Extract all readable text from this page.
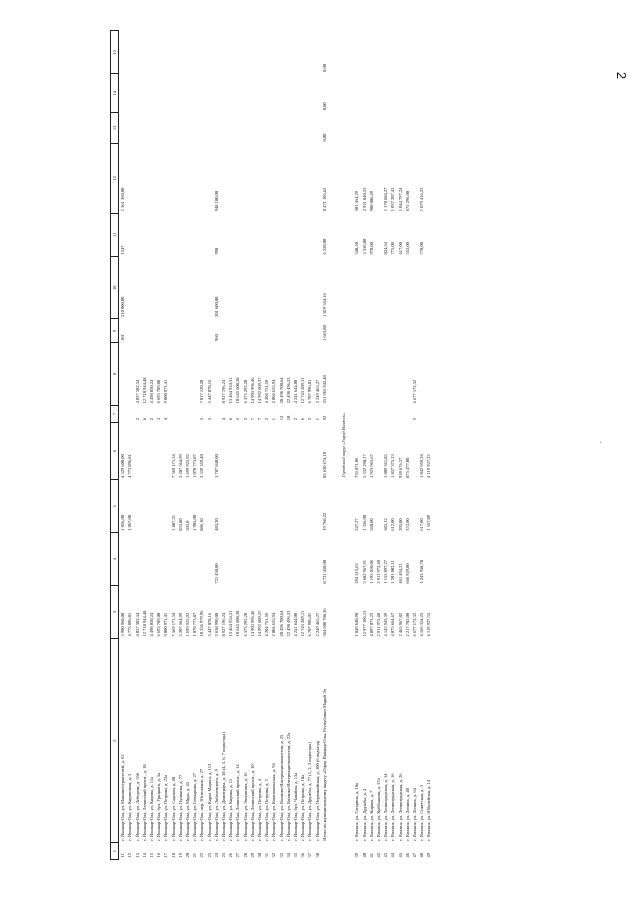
2
'
1	2	3	4	5	6	7	8	9	10	11	12	13	14	15
11	г. Йошкар-Ола, ул. Машиностроителей, д. 63	5 900 960,00		1 056,00	4 329 600,00			101	210 000,00	1547	1 361 360,00			
12	г. Йошкар-Ола, ул. Кирпичная, д. 3	4 773 896,81		1 067,00	4 773 896,81									
13	г. Йошкар-Ола, ул. Лебедева, д. 55б	4 037 382,34				2	4 037 382,34							
14	г. Йошкар-Ола, Ленинский просп., д. 18	12 718 944,48				6	12 718 944,48							
15	г. Йошкар-Ола, ул. Кирова, д. 11а	4 498 050,24				2	4 498 050,24							
16	г. Йошкар-Ола, бул. Урицкого, д. 5а	6 693 789,00				3	6 693 789,00							
17	г. Йошкар-Ола, ул. Петрова, д. 22а	9 000 971,41				4	9 000 971,41							
18	г. Йошкар-Ола, ул. Садовая, д. 40	7 569 171,34		1 887,21	7 569 171,34									
19	г. Йошкар-Ола, ул. Пушкина, д. 77	3 207 564,99		855,80	3 207 564,99									
20	г. Йошкар-Ола, ул. Мира, д. 45	1 699 925,92		503,0	1 699 925,92									
21	г. Йошкар-Ола, ул. Гончарова, д. 27	1 070 773,87		1 903,00	1 070 773,87									
22	г. Йошкар-Ола, пер. Югослaвов, д. 27	10 356 979,96		886,10	3 339 359,40	3	7 017 120,20							
23	г. Йошкар-Ола, ул. Карла Маркса, д. 112	5 447 078,16				3	5 447 078,16							
24	г. Йошкар-Ола, ул. Лобачевского, д. 9	3 658 990,00	721 450,00	483,20	1 787 840,00			960	201 600,00	998	948 100,00			
25	г. Йошкар-Ола, ул. Димитрова, д. 38 (4, 5, 6, 7 подъезды)	8 927 196,24				4	8 927 196,24							
26	г. Йошкар-Ола, ул. Кирова, д. 11	13 464 924,31				6	13 464 924,31							
27	г. Йошкар-Ола, Ленинский просп., д. 14	10 645 608,38				5	10 645 608,38							
28	г. Йошкар-Ола, ул. Эшкинина, д. 16	6 373 292,20				3	6 373 292,20							
29	г. Йошкар-Ола, Ленинский просп., д. 10	14 903 996,46				7	14 903 996,46							
30	г. Йошкар-Ола, ул. Петрова, д. 4	14 992 609,37				7	14 992 609,37							
31	г. Йошкар-Ола, ул. Петрова, д. 2	4 204 751,59				2	4 204 751,59							
32	г. Йошкар-Ола, ул. Комсомольская, д. 94	2 004 635,94				1	2 004 635,94							
33	г. Йошкар-Ола, ул. Волкова-Интернационалистов, д. 25	28 496 700,64				13	28 496 700,64							
34	г. Йошкар-Ола, ул. Волкова-Интернационалистов, д. 22а	22 498 496,53				10	22 498 496,53							
35	г. Йошкар-Ола, бул. Чавайна, д. 13а	4 241 644,00				2	4 241 644,00							
36	г. Йошкар-Ола, ул. Петрова, д. 18а	12 743 289,11				6	12 743 289,11							
37	г. Йошкар-Ола, ул. Дружбы, д. 77 (1, 2, 3 подъезды)	6 707 996,01				3	6 707 996,01							
38	г. Йошкар-Ола, ул. Первомайская, д. 100 (6 подъезд)	2 249 465,27				1	2 249 465,27							
	Итого по муниципальному округу «Город Йошкар-Ола» Республики Марий Эл	364 608 706,36	8 721 450,00	19 768,22	83 630 674,10	92	251 965 942,48	1 663,80	1 819 554,16	6 528,00	8 471 105,62	0,00	0,00	0,00
Городской округ «Город Волжск»														
39	г. Волжск, ул. Гагарина, д. 10а	1 849 640,98	594 315,63	247,27	755 871,06					348,50	501 454,29			
40	г. Волжск, ул. Дружбы, д. 4	15 977 106,13	5 682 967,91	1 336,00	5 332 298,17					3 336,00	2 921 840,23			
41	г. Волжск, ул. Кирова, д. 7	4 097 071,22	1 193 010,06	568,00	1 923 965,67					970,00	980 086,49			
42	г. Волжск, ул. Куйбышева, д. 37а	2 911 972,40	2 911 972,40											
43	г. Волжск, ул. Ленинградская, д. 14	4 145 943,39	1 155 897,27	583,12	1 809 361,85					824,54	1 178 684,27			
44	г. Волжск, ул. Ленинградская, д. 16	4 075 664,67	1 201 082,11	612,00	1 837 375,13					775,00	1 037 207,43			
45	г. Волжск, ул. Ленинградская, д. 26	2 465 967,82	461 494,21	203,00	959 676,37					617,00	1 044 797,24			
46	г. Волжск, ул. Ленина, д. 40	2 217 702,00	666 929,00	372,00	875 477,00					553,00	675 296,00			
47	г. Волжск, ул. Ленина, д. 64	6 677 172,32				3	6 677 172,32							
48	г. Волжск, ул. Советская, д. 3	4 166 334,25	1 243 958,78	617,00	1 842 959,24					778,00	1 079 416,23			
49	г. Волжск, ул. Юбилейная, д. 14	4 119 927,33		1 357,89	4 119 927,33									
